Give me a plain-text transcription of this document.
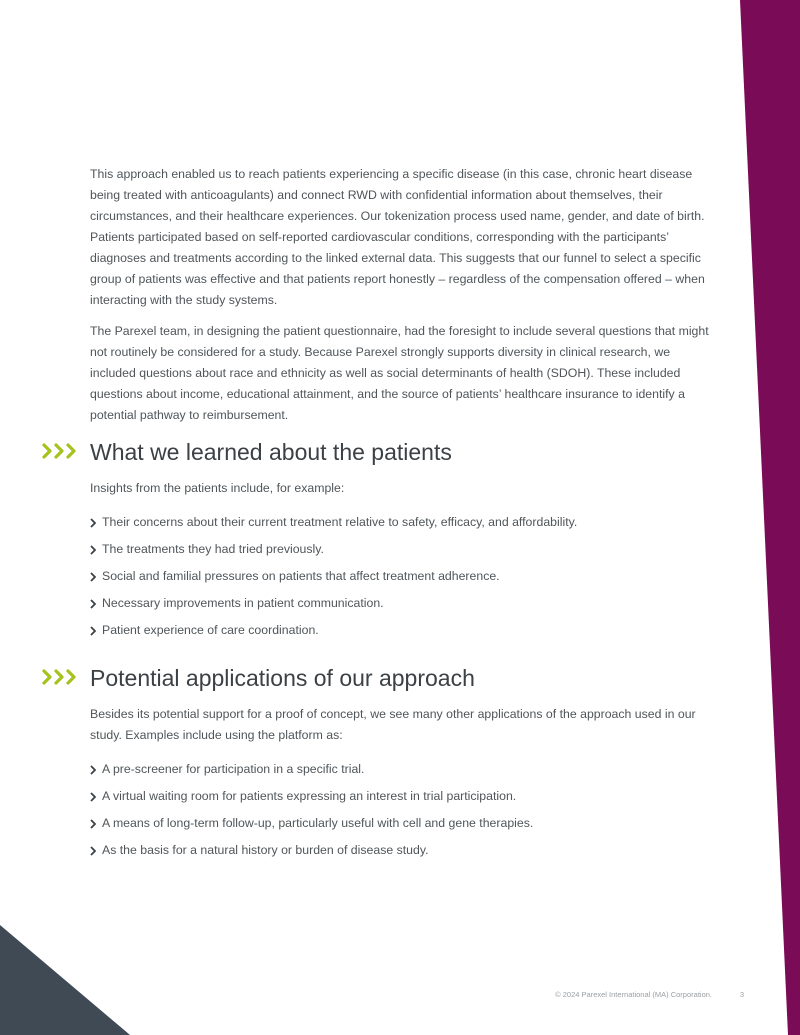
This approach enabled us to reach patients experiencing a specific disease (in this case, chronic heart disease being treated with anticoagulants) and connect RWD with confidential information about themselves, their circumstances, and their healthcare experiences. Our tokenization process used name, gender, and date of birth. Patients participated based on self-reported cardiovascular conditions, corresponding with the participants’ diagnoses and treatments according to the linked external data. This suggests that our funnel to select a specific group of patients was effective and that patients report honestly – regardless of the compensation offered – when interacting with the study systems.

The Parexel team, in designing the patient questionnaire, had the foresight to include several questions that might not routinely be considered for a study. Because Parexel strongly supports diversity in clinical research, we included questions about race and ethnicity as well as social determinants of health (SDOH). These included questions about income, educational attainment, and the source of patients’ healthcare insurance to identify a potential pathway to reimbursement.

What we learned about the patients

Insights from the patients include, for example:

Their concerns about their current treatment relative to safety, efficacy, and affordability.
The treatments they had tried previously.
Social and familial pressures on patients that affect treatment adherence.
Necessary improvements in patient communication.
Patient experience of care coordination.
Potential applications of our approach

Besides its potential support for a proof of concept, we see many other applications of the approach used in our study. Examples include using the platform as:

A pre-screener for participation in a specific trial.
A virtual waiting room for patients expressing an interest in trial participation.
A means of long-term follow-up, particularly useful with cell and gene therapies.
As the basis for a natural history or burden of disease study.
© 2024 Parexel International (MA) Corporation.	3
